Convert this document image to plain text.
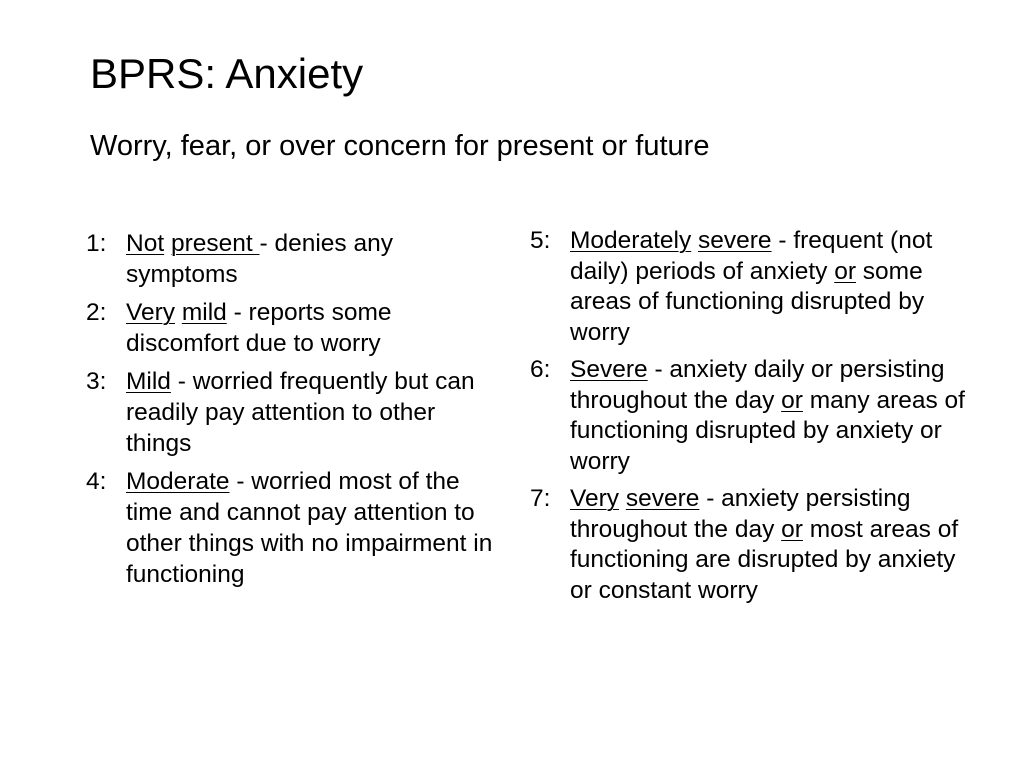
BPRS: Anxiety
Worry, fear, or over concern for present or future
1: Not present - denies any symptoms
2: Very mild - reports some discomfort due to worry
3: Mild - worried frequently but can readily pay attention to other things
4: Moderate - worried most of the time and cannot pay attention to other things with no impairment in functioning
5: Moderately severe - frequent (not daily) periods of anxiety or some areas of functioning disrupted by worry
6: Severe - anxiety daily or persisting throughout the day or many areas of functioning disrupted by anxiety or worry
7: Very severe - anxiety persisting throughout the day or most areas of functioning are disrupted by anxiety or constant worry
